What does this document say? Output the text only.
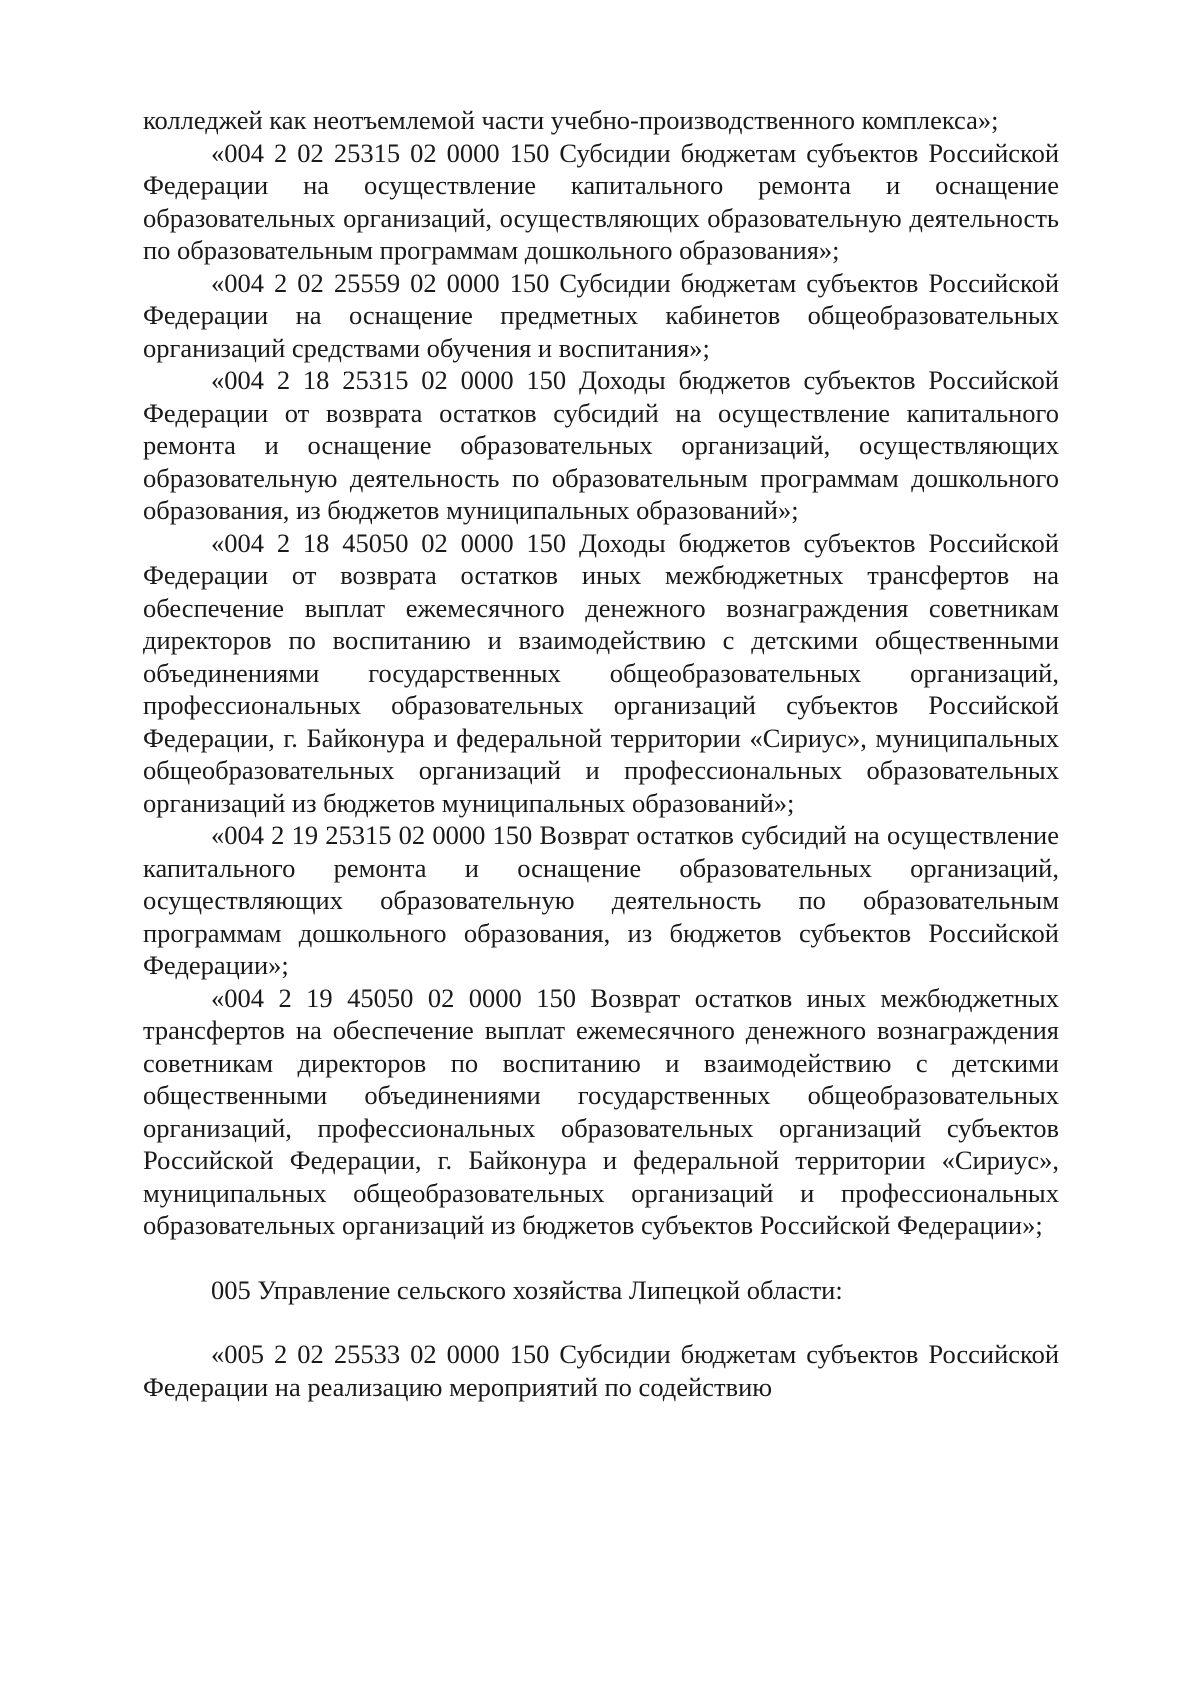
колледжей как неотъемлемой части учебно-производственного комплекса»;

«004 2 02 25315 02 0000 150 Субсидии бюджетам субъектов Российской Федерации на осуществление капитального ремонта и оснащение образовательных организаций, осуществляющих образовательную деятельность по образовательным программам дошкольного образования»;

«004 2 02 25559 02 0000 150 Субсидии бюджетам субъектов Российской Федерации на оснащение предметных кабинетов общеобразовательных организаций средствами обучения и воспитания»;

«004 2 18 25315 02 0000 150 Доходы бюджетов субъектов Российской Федерации от возврата остатков субсидий на осуществление капитального ремонта и оснащение образовательных организаций, осуществляющих образовательную деятельность по образовательным программам дошкольного образования, из бюджетов муниципальных образований»;

«004 2 18 45050 02 0000 150 Доходы бюджетов субъектов Российской Федерации от возврата остатков иных межбюджетных трансфертов на обеспечение выплат ежемесячного денежного вознаграждения советникам директоров по воспитанию и взаимодействию с детскими общественными объединениями государственных общеобразовательных организаций, профессиональных образовательных организаций субъектов Российской Федерации, г. Байконура и федеральной территории «Сириус», муниципальных общеобразовательных организаций и профессиональных образовательных организаций из бюджетов муниципальных образований»;

«004 2 19 25315 02 0000 150 Возврат остатков субсидий на осуществление капитального ремонта и оснащение образовательных организаций, осуществляющих образовательную деятельность по образовательным программам дошкольного образования, из бюджетов субъектов Российской Федерации»;

«004 2 19 45050 02 0000 150 Возврат остатков иных межбюджетных трансфертов на обеспечение выплат ежемесячного денежного вознаграждения советникам директоров по воспитанию и взаимодействию с детскими общественными объединениями государственных общеобразовательных организаций, профессиональных образовательных организаций субъектов Российской Федерации, г. Байконура и федеральной территории «Сириус», муниципальных общеобразовательных организаций и профессиональных образовательных организаций из бюджетов субъектов Российской Федерации»;

005 Управление сельского хозяйства Липецкой области:

«005 2 02 25533 02 0000 150 Субсидии бюджетам субъектов Российской Федерации на реализацию мероприятий по содействию
